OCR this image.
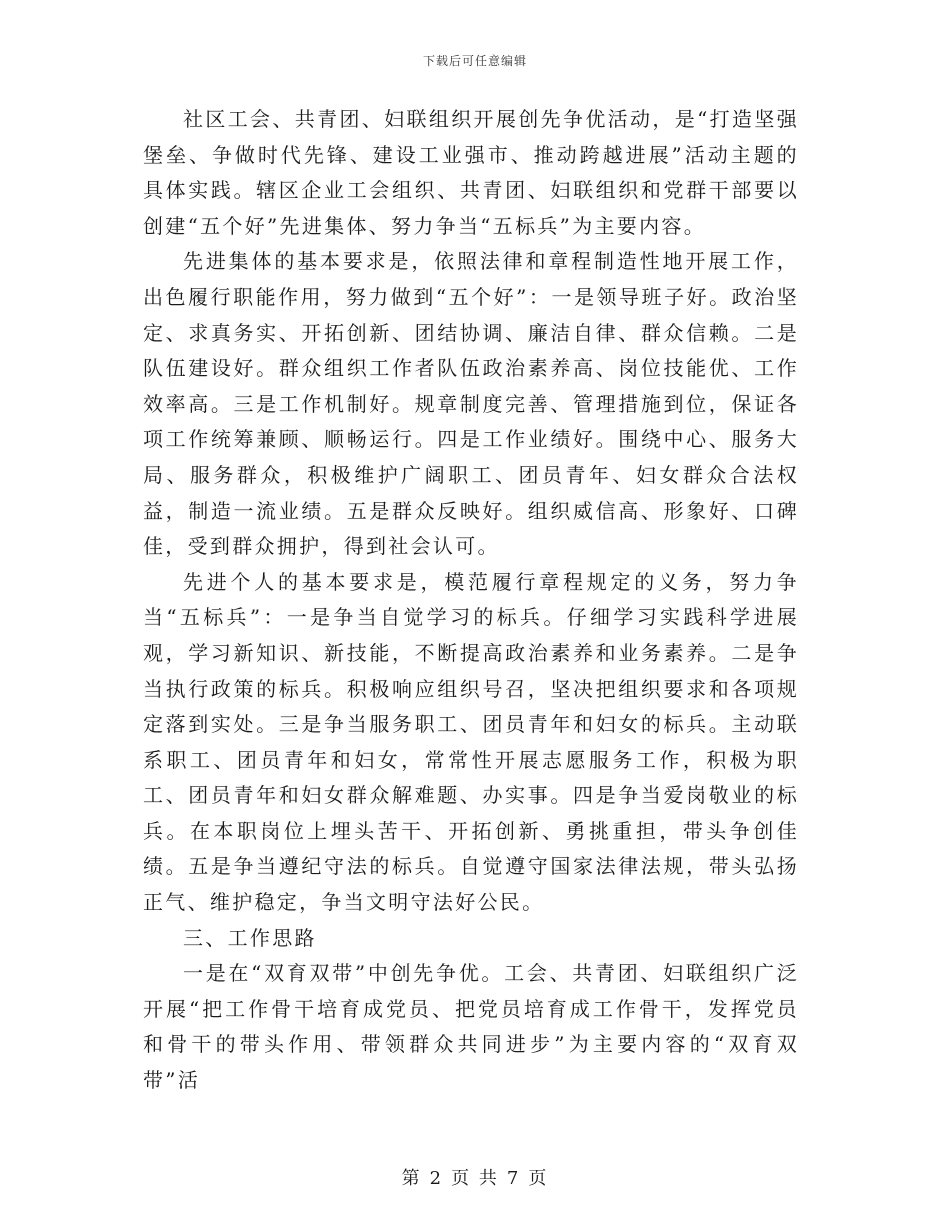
下载后可任意编辑

社区工会、共青团、妇联组织开展创先争优活动，是“打造坚强堡垒、争做时代先锋、建设工业强市、推动跨越进展”活动主题的具体实践。辖区企业工会组织、共青团、妇联组织和党群干部要以创建“五个好”先进集体、努力争当“五标兵”为主要内容。

先进集体的基本要求是，依照法律和章程制造性地开展工作，出色履行职能作用，努力做到“五个好”：一是领导班子好。政治坚定、求真务实、开拓创新、团结协调、廉洁自律、群众信赖。二是队伍建设好。群众组织工作者队伍政治素养高、岗位技能优、工作效率高。三是工作机制好。规章制度完善、管理措施到位，保证各项工作统筹兼顾、顺畅运行。四是工作业绩好。围绕中心、服务大局、服务群众，积极维护广阔职工、团员青年、妇女群众合法权益，制造一流业绩。五是群众反映好。组织威信高、形象好、口碑佳，受到群众拥护，得到社会认可。

先进个人的基本要求是，模范履行章程规定的义务，努力争当“五标兵”：一是争当自觉学习的标兵。仔细学习实践科学进展观，学习新知识、新技能，不断提高政治素养和业务素养。二是争当执行政策的标兵。积极响应组织号召，坚决把组织要求和各项规定落到实处。三是争当服务职工、团员青年和妇女的标兵。主动联系职工、团员青年和妇女，常常性开展志愿服务工作，积极为职工、团员青年和妇女群众解难题、办实事。四是争当爱岗敬业的标兵。在本职岗位上埋头苦干、开拓创新、勇挑重担，带头争创佳绩。五是争当遵纪守法的标兵。自觉遵守国家法律法规，带头弘扬正气、维护稳定，争当文明守法好公民。

三、工作思路

一是在“双育双带”中创先争优。工会、共青团、妇联组织广泛开展“把工作骨干培育成党员、把党员培育成工作骨干，发挥党员和骨干的带头作用、带领群众共同进步”为主要内容的“双育双带”活

第 2 页 共 7 页
